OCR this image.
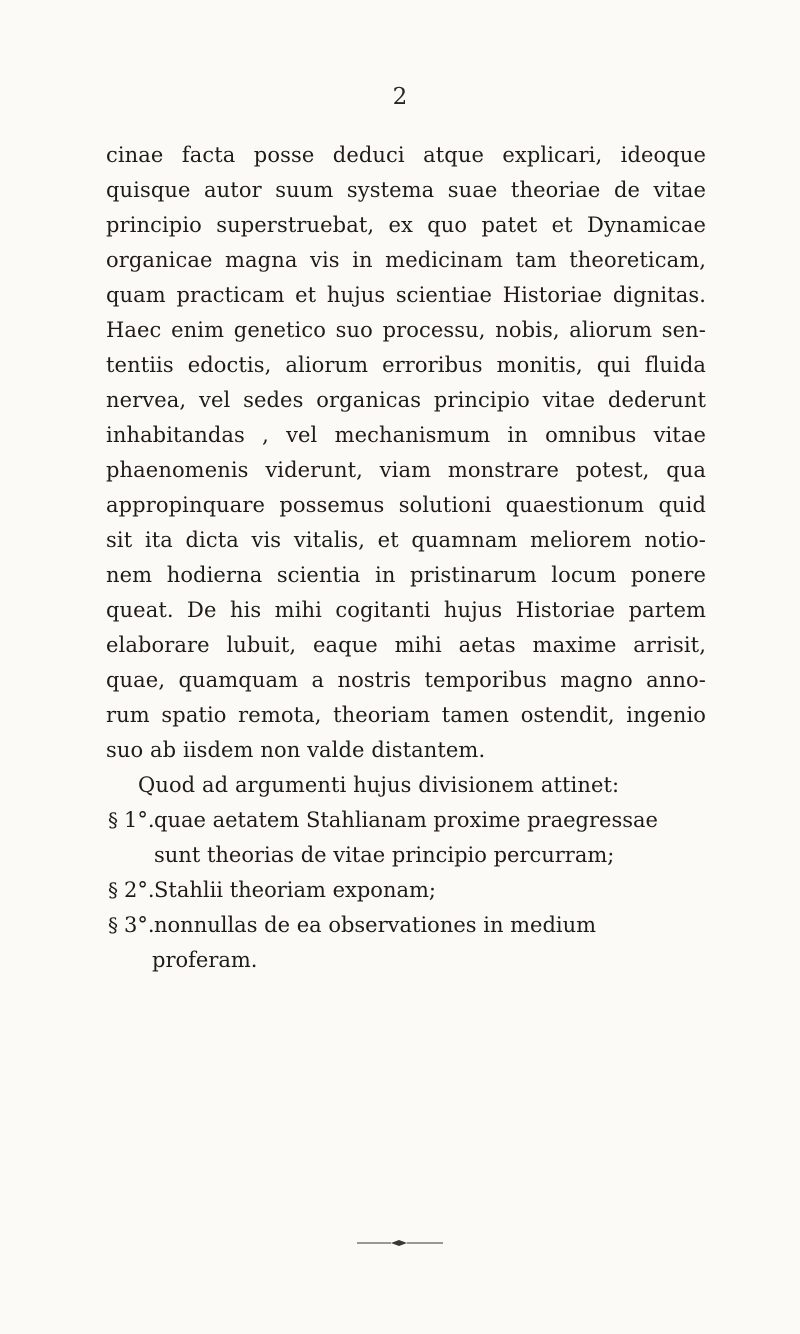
2
cinae facta posse deduci atque explicari, ideoque
quisque autor suum systema suae theoriae de vitae
principio superstruebat, ex quo patet et Dynamicae
organicae magna vis in medicinam tam theoreticam,
quam practicam et hujus scientiae Historiae dignitas.
Haec enim genetico suo processu, nobis, aliorum sen-
tentiis edoctis, aliorum erroribus monitis, qui fluida
nervea, vel sedes organicas principio vitae dederunt
inhabitandas , vel mechanismum in omnibus vitae
phaenomenis viderunt, viam monstrare potest, qua
appropinquare possemus solutioni quaestionum quid
sit ita dicta vis vitalis, et quamnam meliorem notio-
nem hodierna scientia in pristinarum locum ponere
queat. De his mihi cogitanti hujus Historiae partem
elaborare lubuit, eaque mihi aetas maxime arrisit,
quae, quamquam a nostris temporibus magno anno-
rum spatio remota, theoriam tamen ostendit, ingenio
suo ab iisdem non valde distantem.
Quod ad argumenti hujus divisionem attinet:
§ 1°. quae aetatem Stahlianam proxime praegressae
sunt theorias de vitae principio percurram;
§ 2°. Stahlii theoriam exponam;
§ 3°. nonnullas de ea observationes in medium
proferam.
